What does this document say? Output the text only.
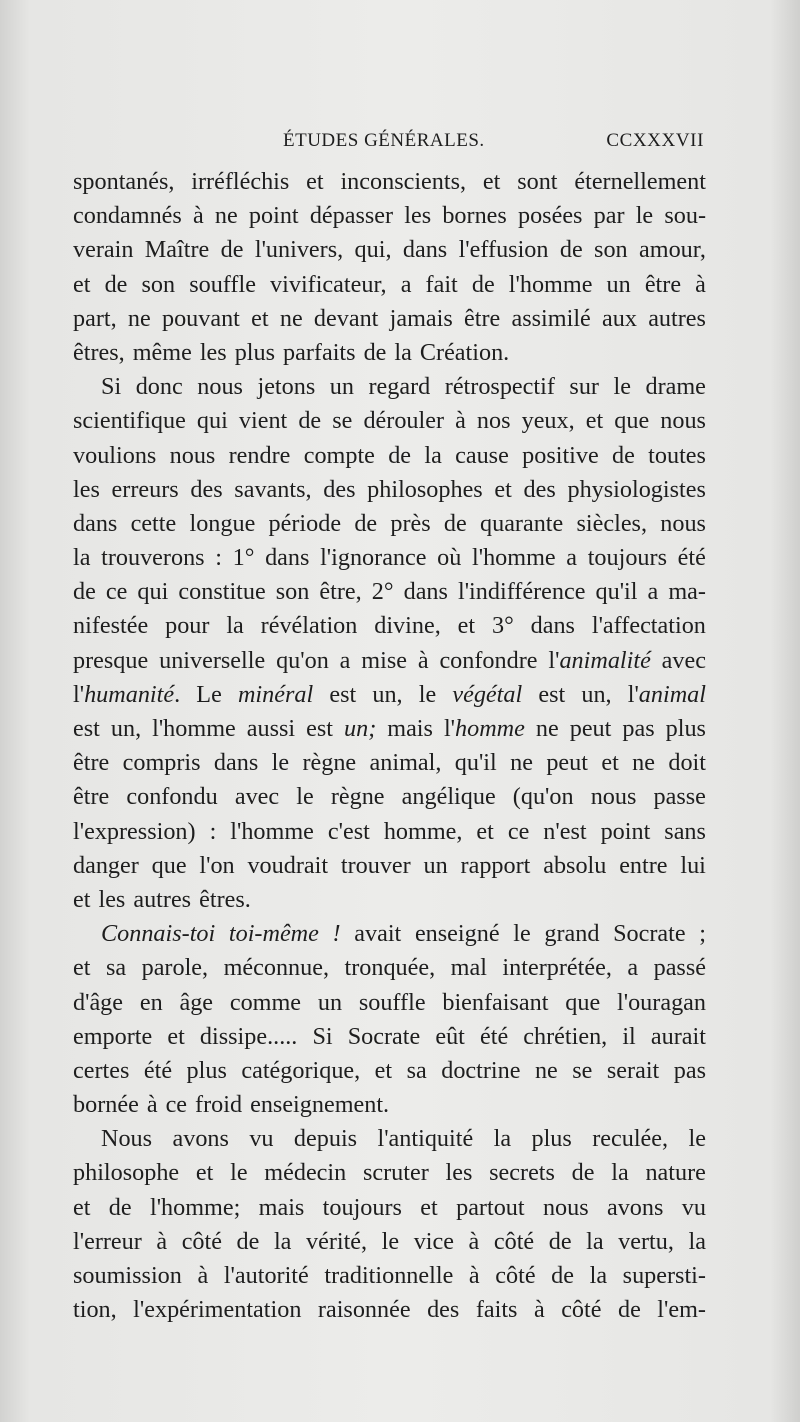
ÉTUDES GÉNÉRALES.	CCXXXVII
spontanés, irréfléchis et inconscients, et sont éternellement
condamnés à ne point dépasser les bornes posées par le sou-
verain Maître de l'univers, qui, dans l'effusion de son amour,
et de son souffle vivificateur, a fait de l'homme un être à
part, ne pouvant et ne devant jamais être assimilé aux autres
êtres, même les plus parfaits de la Création.
Si donc nous jetons un regard rétrospectif sur le drame
scientifique qui vient de se dérouler à nos yeux, et que nous
voulions nous rendre compte de la cause positive de toutes
les erreurs des savants, des philosophes et des physiologistes
dans cette longue période de près de quarante siècles, nous
la trouverons : 1° dans l'ignorance où l'homme a toujours été
de ce qui constitue son être, 2° dans l'indifférence qu'il a ma-
nifestée pour la révélation divine, et 3° dans l'affectation
presque universelle qu'on a mise à confondre l'animalité avec
l'humanité. Le minéral est un, le végétal est un, l'animal
est un, l'homme aussi est un; mais l'homme ne peut pas plus
être compris dans le règne animal, qu'il ne peut et ne doit
être confondu avec le règne angélique (qu'on nous passe
l'expression) : l'homme c'est homme, et ce n'est point sans
danger que l'on voudrait trouver un rapport absolu entre lui
et les autres êtres.
Connais-toi toi-même ! avait enseigné le grand Socrate ;
et sa parole, méconnue, tronquée, mal interprétée, a passé
d'âge en âge comme un souffle bienfaisant que l'ouragan
emporte et dissipe..... Si Socrate eût été chrétien, il aurait
certes été plus catégorique, et sa doctrine ne se serait pas
bornée à ce froid enseignement.
Nous avons vu depuis l'antiquité la plus reculée, le
philosophe et le médecin scruter les secrets de la nature
et de l'homme; mais toujours et partout nous avons vu
l'erreur à côté de la vérité, le vice à côté de la vertu, la
soumission à l'autorité traditionnelle à côté de la supersti-
tion, l'expérimentation raisonnée des faits à côté de l'em-
